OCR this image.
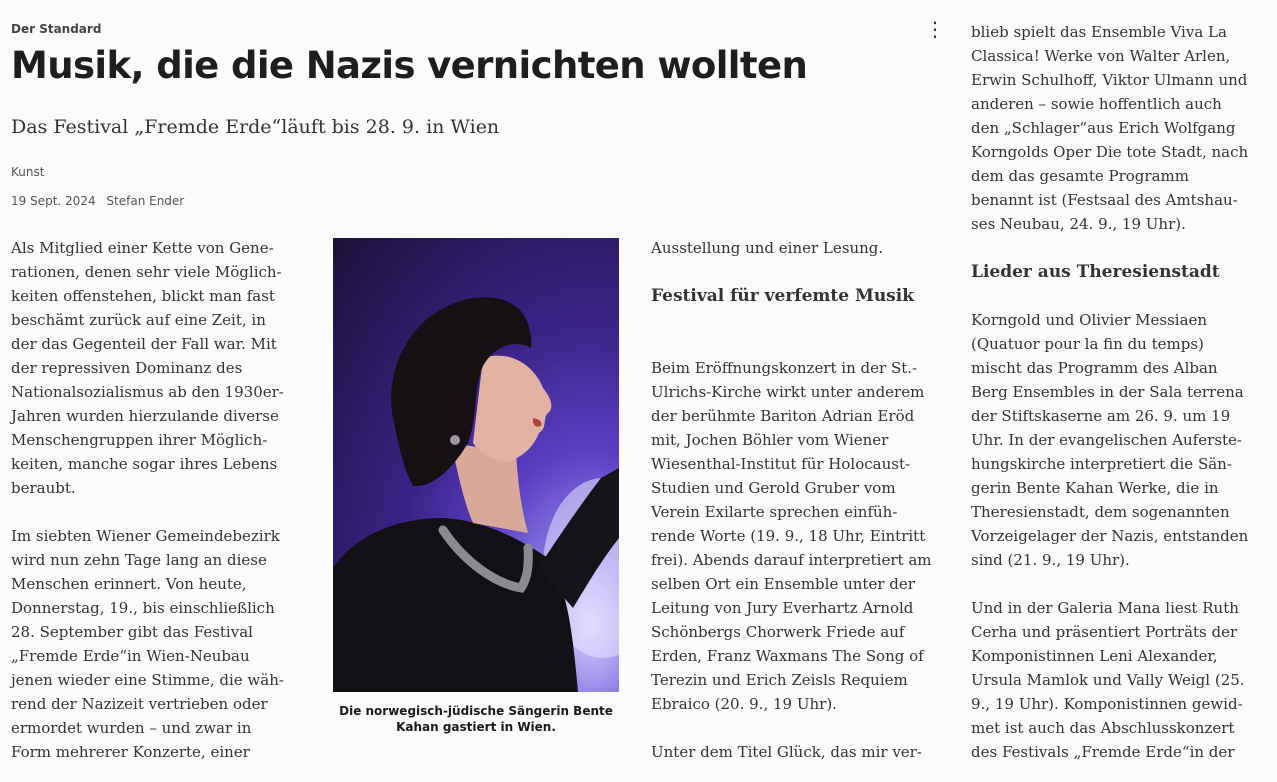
Der Standard	⋮
Musik, die die Nazis vernichten wollten
Das Festival „Fremde Erde“läuft bis 28. 9. in Wien
Kunst
19 Sept. 2024 Stefan Ender

Als Mitglied einer Kette von Gene-
rationen, denen sehr viele Möglich-
keiten offenstehen, blickt man fast
beschämt zurück auf eine Zeit, in
der das Gegenteil der Fall war. Mit
der repressiven Dominanz des
Nationalsozialismus ab den 1930er-
Jahren wurden hierzulande diverse
Menschengruppen ihrer Möglich-
keiten, manche sogar ihres Lebens
beraubt.

Im siebten Wiener Gemeindebezirk
wird nun zehn Tage lang an diese
Menschen erinnert. Von heute,
Donnerstag, 19., bis einschließlich
28. September gibt das Festival
„Fremde Erde“in Wien-Neubau
jenen wieder eine Stimme, die wäh-
rend der Nazizeit vertrieben oder
ermordet wurden – und zwar in
Form mehrerer Konzerte, einer

Die norwegisch-jüdische Sängerin Bente
Kahan gastiert in Wien.

Ausstellung und einer Lesung.

Festival für verfemte Musik

Beim Eröffnungskonzert in der St.-
Ulrichs-Kirche wirkt unter anderem
der berühmte Bariton Adrian Eröd
mit, Jochen Böhler vom Wiener
Wiesenthal-Institut für Holocaust-
Studien und Gerold Gruber vom
Verein Exilarte sprechen einfüh-
rende Worte (19. 9., 18 Uhr, Eintritt
frei). Abends darauf interpretiert am
selben Ort ein Ensemble unter der
Leitung von Jury Everhartz Arnold
Schönbergs Chorwerk Friede auf
Erden, Franz Waxmans The Song of
Terezin und Erich Zeisls Requiem
Ebraico (20. 9., 19 Uhr).

Unter dem Titel Glück, das mir ver-

blieb spielt das Ensemble Viva La
Classica! Werke von Walter Arlen,
Erwin Schulhoff, Viktor Ulmann und
anderen – sowie hoffentlich auch
den „Schlager“aus Erich Wolfgang
Korngolds Oper Die tote Stadt, nach
dem das gesamte Programm
benannt ist (Festsaal des Amtshau-
ses Neubau, 24. 9., 19 Uhr).

Lieder aus Theresienstadt

Korngold und Olivier Messiaen
(Quatuor pour la fin du temps)
mischt das Programm des Alban
Berg Ensembles in der Sala terrena
der Stiftskaserne am 26. 9. um 19
Uhr. In der evangelischen Auferste-
hungskirche interpretiert die Sän-
gerin Bente Kahan Werke, die in
Theresienstadt, dem sogenannten
Vorzeigelager der Nazis, entstanden
sind (21. 9., 19 Uhr).

Und in der Galeria Mana liest Ruth
Cerha und präsentiert Porträts der
Komponistinnen Leni Alexander,
Ursula Mamlok und Vally Weigl (25.
9., 19 Uhr). Komponistinnen gewid-
met ist auch das Abschlusskonzert
des Festivals „Fremde Erde“in der
